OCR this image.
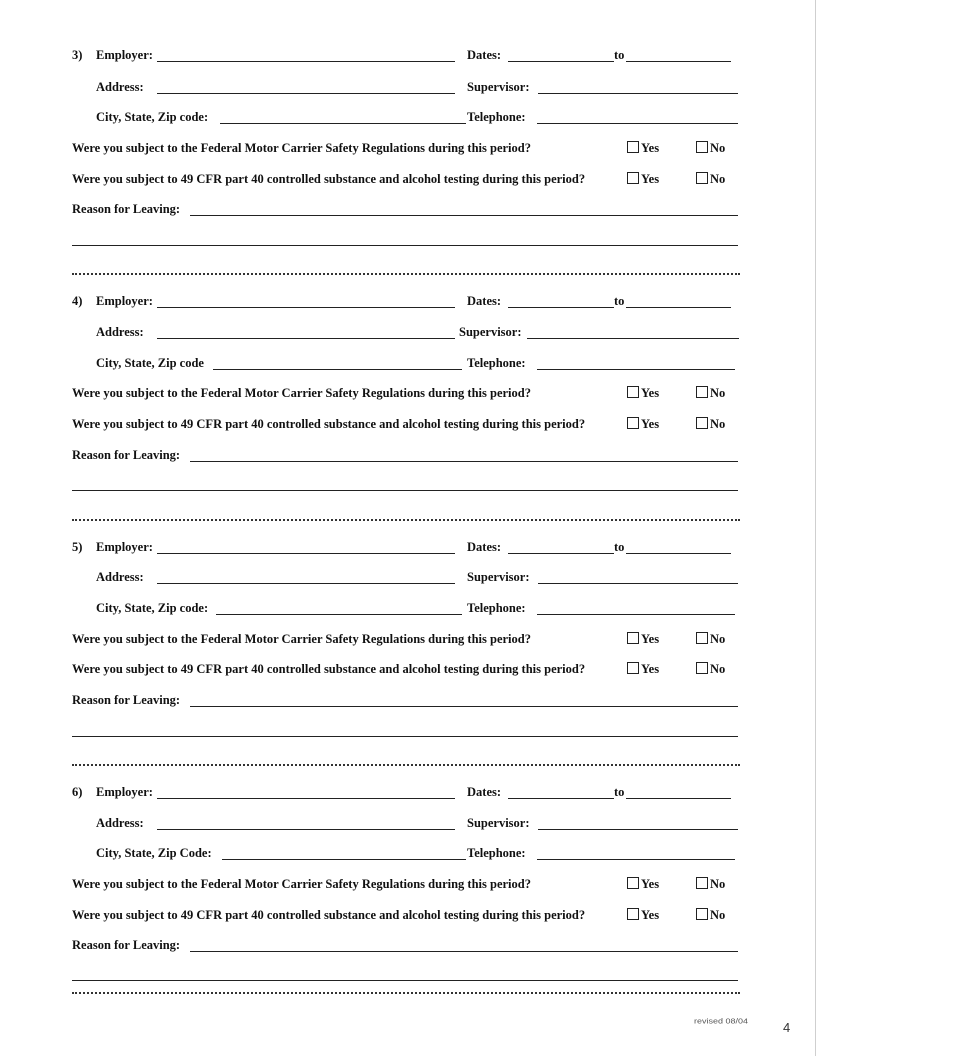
3) Employer:	Dates:	to
Address:	Supervisor:
City, State, Zip code:	Telephone:
Were you subject to the Federal Motor Carrier Safety Regulations during this period?	Yes	No
Were you subject to 49 CFR part 40 controlled substance and alcohol testing during this period?	Yes	No
Reason for Leaving:
4) Employer:	Dates:	to
Address:	Supervisor:
City, State, Zip code	Telephone:
Were you subject to the Federal Motor Carrier Safety Regulations during this period?	Yes	No
Were you subject to 49 CFR part 40 controlled substance and alcohol testing during this period?	Yes	No
Reason for Leaving:
5) Employer:	Dates:	to
Address:	Supervisor:
City, State, Zip code:	Telephone:
Were you subject to the Federal Motor Carrier Safety Regulations during this period?	Yes	No
Were you subject to 49 CFR part 40 controlled substance and alcohol testing during this period?	Yes	No
Reason for Leaving:
6) Employer:	Dates:	to
Address:	Supervisor:
City, State, Zip Code:	Telephone:
Were you subject to the Federal Motor Carrier Safety Regulations during this period?	Yes	No
Were you subject to 49 CFR part 40 controlled substance and alcohol testing during this period?	Yes	No
Reason for Leaving:
revised 08/04	4
